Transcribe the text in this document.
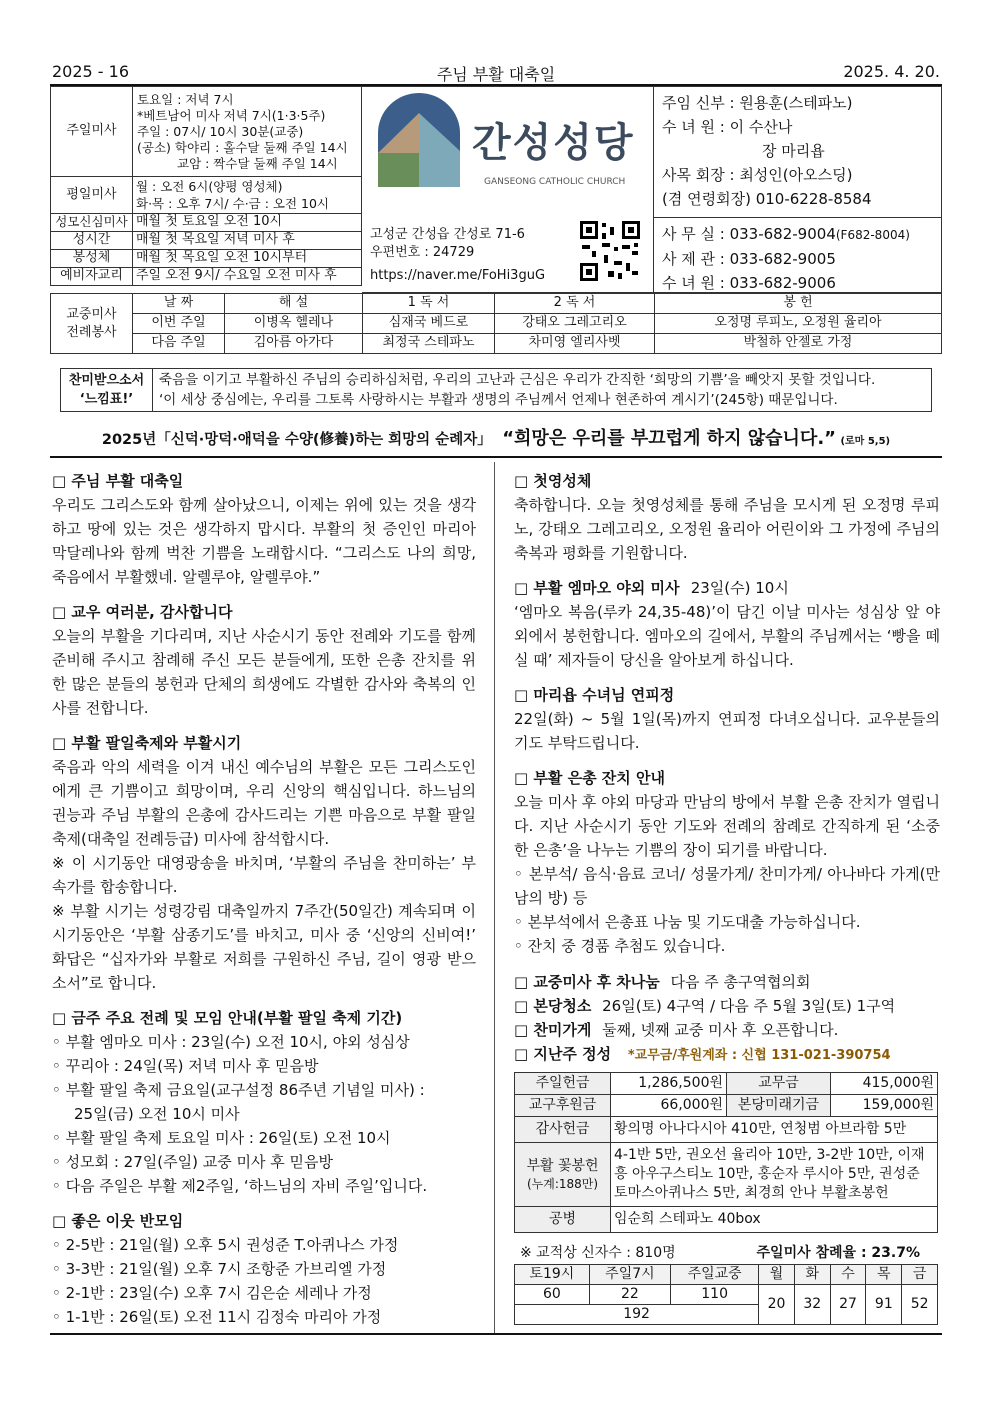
2025 - 16	주님 부활 대축일	2025. 4. 20.
주일미사	토요일 : 저녁 7시
*베트남어 미사 저녁 7시(1·3·5주)
주일 : 07시/ 10시 30분(교중)
(공소) 학야리 : 홀수달 둘째 주일 14시
교암 : 짝수달 둘째 주일 14시

평일미사	월 : 오전 6시(양평 영성체)
화·목 : 오후 7시/ 수·금 : 오전 10시

성모신심미사	매월 첫 토요일 오전 10시
성시간	매월 첫 목요일 저녁 미사 후
봉성체	매월 첫 목요일 오전 10시부터
예비자교리	주일 오전 9시/ 수요일 오전 미사 후
간성성당
GANSEONG CATHOLIC CHURCH
고성군 간성읍 간성로 71-6
우편번호 : 24729
https://naver.me/FoHi3guG
주임 신부 : 원용훈(스테파노)
수 녀 원 : 이 수산나
장 마리욥
사목 회장 : 최성인(아오스딩)
(겸 연령회장) 010-6228-8584
사 무 실 : 033-682-9004(F682-8004)
사 제 관 : 033-682-9005
수 녀 원 : 033-682-9006
교중미사
전례봉사	날 짜	해 설	1 독 서	2 독 서	봉 헌
	이번 주일	이병옥 헬레나	심재국 베드로	강태오 그레고리오	오정명 루피노, 오정원 율리아
	다음 주일	김아름 아가다	최정국 스테파노	차미영 엘리사벳	박철하 안젤로 가정
찬미받으소서
‘느낌표!’

죽음을 이기고 부활하신 주님의 승리하심처럼, 우리의 고난과 근심은 우리가 간직한 ‘희망의 기쁨’을 빼앗지 못할 것입니다.
‘이 세상 중심에는, 우리를 그토록 사랑하시는 부활과 생명의 주님께서 언제나 현존하여 계시기’(245항) 때문입니다.
2025년「신덕·망덕·애덕을 수양(修養)하는 희망의 순례자」 “희망은 우리를 부끄럽게 하지 않습니다.” (로마 5,5)
□ 주님 부활 대축일
우리도 그리스도와 함께 살아났으니, 이제는 위에 있는 것을 생각하고 땅에 있는 것은 생각하지 맙시다. 부활의 첫 증인인 마리아 막달레나와 함께 벅찬 기쁨을 노래합시다. “그리스도 나의 희망, 죽음에서 부활했네. 알렐루야, 알렐루야.”
□ 교우 여러분, 감사합니다
오늘의 부활을 기다리며, 지난 사순시기 동안 전례와 기도를 함께 준비해 주시고 참례해 주신 모든 분들에게, 또한 은총 잔치를 위한 많은 분들의 봉헌과 단체의 희생에도 각별한 감사와 축복의 인사를 전합니다.
□ 부활 팔일축제와 부활시기
죽음과 악의 세력을 이겨 내신 예수님의 부활은 모든 그리스도인에게 큰 기쁨이고 희망이며, 우리 신앙의 핵심입니다. 하느님의 권능과 주님 부활의 은총에 감사드리는 기쁜 마음으로 부활 팔일축제(대축일 전례등급) 미사에 참석합시다.
※ 이 시기동안 대영광송을 바치며, ‘부활의 주님을 찬미하는’ 부속가를 합송합니다.
※ 부활 시기는 성령강림 대축일까지 7주간(50일간) 계속되며 이 시기동안은 ‘부활 삼종기도’를 바치고, 미사 중 ‘신앙의 신비여!’ 화답은 “십자가와 부활로 저희를 구원하신 주님, 길이 영광 받으소서”로 합니다.
□ 금주 주요 전례 및 모임 안내(부활 팔일 축제 기간)
◦ 부활 엠마오 미사 : 23일(수) 오전 10시, 야외 성심상
◦ 꾸리아 : 24일(목) 저녁 미사 후 믿음방
◦ 부활 팔일 축제 금요일(교구설정 86주년 기념일 미사) :
25일(금) 오전 10시 미사
◦ 부활 팔일 축제 토요일 미사 : 26일(토) 오전 10시
◦ 성모회 : 27일(주일) 교중 미사 후 믿음방
◦ 다음 주일은 부활 제2주일, ‘하느님의 자비 주일’입니다.
□ 좋은 이웃 반모임
◦ 2-5반 : 21일(월) 오후 5시 권성준 T.아퀴나스 가정
◦ 3-3반 : 21일(월) 오후 7시 조항준 가브리엘 가정
◦ 2-1반 : 23일(수) 오후 7시 김은순 세레나 가정
◦ 1-1반 : 26일(토) 오전 11시 김정숙 마리아 가정
□ 첫영성체
축하합니다. 오늘 첫영성체를 통해 주님을 모시게 된 오정명 루피노, 강태오 그레고리오, 오정원 율리아 어린이와 그 가정에 주님의 축복과 평화를 기원합니다.
□ 부활 엠마오 야외 미사 23일(수) 10시
‘엠마오 복음(루카 24,35-48)’이 담긴 이날 미사는 성심상 앞 야외에서 봉헌합니다. 엠마오의 길에서, 부활의 주님께서는 ‘빵을 떼실 때’ 제자들이 당신을 알아보게 하십니다.
□ 마리욥 수녀님 연피정
22일(화) ~ 5월 1일(목)까지 연피정 다녀오십니다. 교우분들의 기도 부탁드립니다.
□ 부활 은총 잔치 안내
오늘 미사 후 야외 마당과 만남의 방에서 부활 은총 잔치가 열립니다. 지난 사순시기 동안 기도와 전례의 참례로 간직하게 된 ‘소중한 은총’을 나누는 기쁨의 장이 되기를 바랍니다.
◦ 본부석/ 음식·음료 코너/ 성물가게/ 찬미가게/ 아나바다 가게(만남의 방) 등
◦ 본부석에서 은총표 나눔 및 기도대출 가능하십니다.
◦ 잔치 중 경품 추첨도 있습니다.
□ 교중미사 후 차나눔 다음 주 총구역협의회
□ 본당청소 26일(토) 4구역 / 다음 주 5월 3일(토) 1구역
□ 찬미가게 둘째, 넷째 교중 미사 후 오픈합니다.
□ 지난주 정성 *교무금/후원계좌 : 신협 131-021-390754
주일헌금	1,286,500원	교무금	415,000원
교구후원금	66,000원	본당미래기금	159,000원
감사헌금	황의명 아나다시아 410만, 연청범 아브라함 5만		

부활 꽃봉헌
(누계:188만)	4-1반 5만, 권오선 율리아 10만, 3-2반 10만, 이재흥 아우구스티노 10만, 홍순자 루시아 5만, 권성준 토마스아퀴나스 5만, 최경희 안나 부활초봉헌		
공병	임순희 스테파노 40box		
※ 교적상 신자수 : 810명	주일미사 참례율 : 23.7%
토19시	주일7시	주일교중	월	화	수	목	금
60	22	110	20	32	27	91	52
192							
